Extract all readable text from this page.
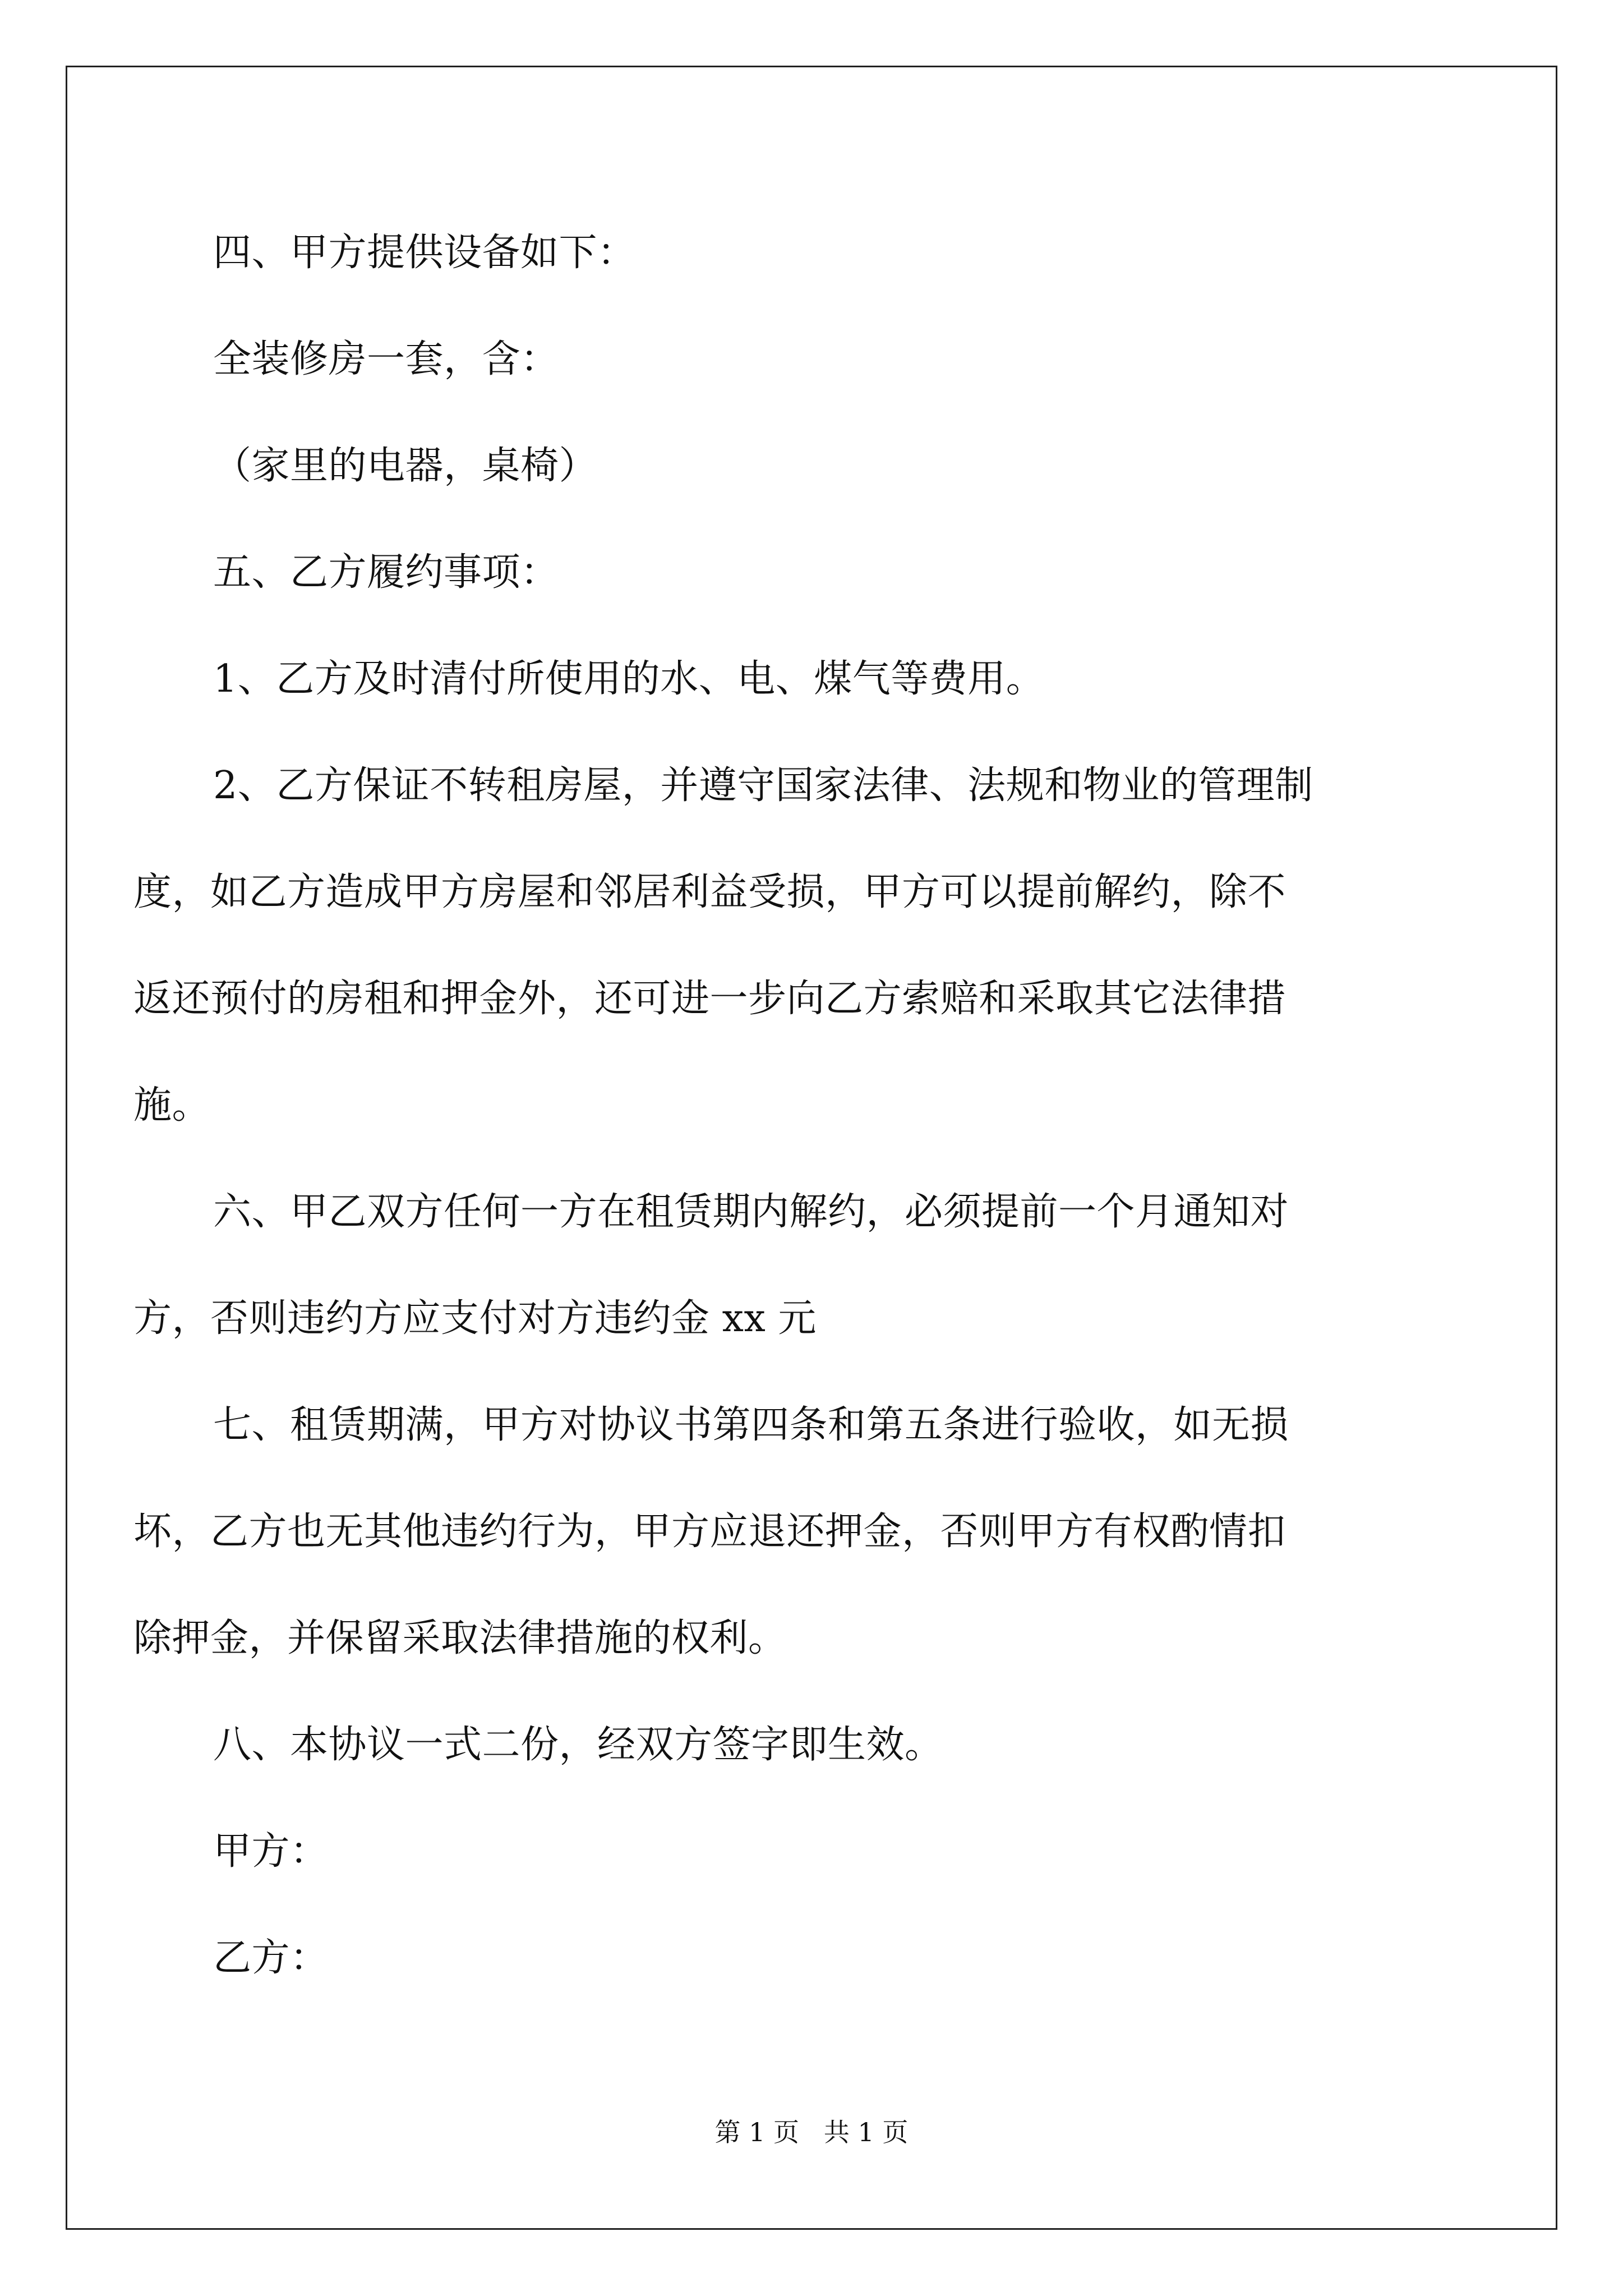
四、甲方提供设备如下：
全装修房一套，含：
（家里的电器，桌椅）
五、乙方履约事项：
1、乙方及时清付所使用的水、电、煤气等费用。
2、乙方保证不转租房屋，并遵守国家法律、法规和物业的管理制
度，如乙方造成甲方房屋和邻居利益受损，甲方可以提前解约，除不
返还预付的房租和押金外，还可进一步向乙方索赔和采取其它法律措
施。
六、甲乙双方任何一方在租赁期内解约，必须提前一个月通知对
方，否则违约方应支付对方违约金 xx 元
七、租赁期满，甲方对协议书第四条和第五条进行验收，如无损
坏，乙方也无其他违约行为，甲方应退还押金，否则甲方有权酌情扣
除押金，并保留采取法律措施的权利。
八、本协议一式二份，经双方签字即生效。
甲方：
乙方：
第 1 页   共 1 页
